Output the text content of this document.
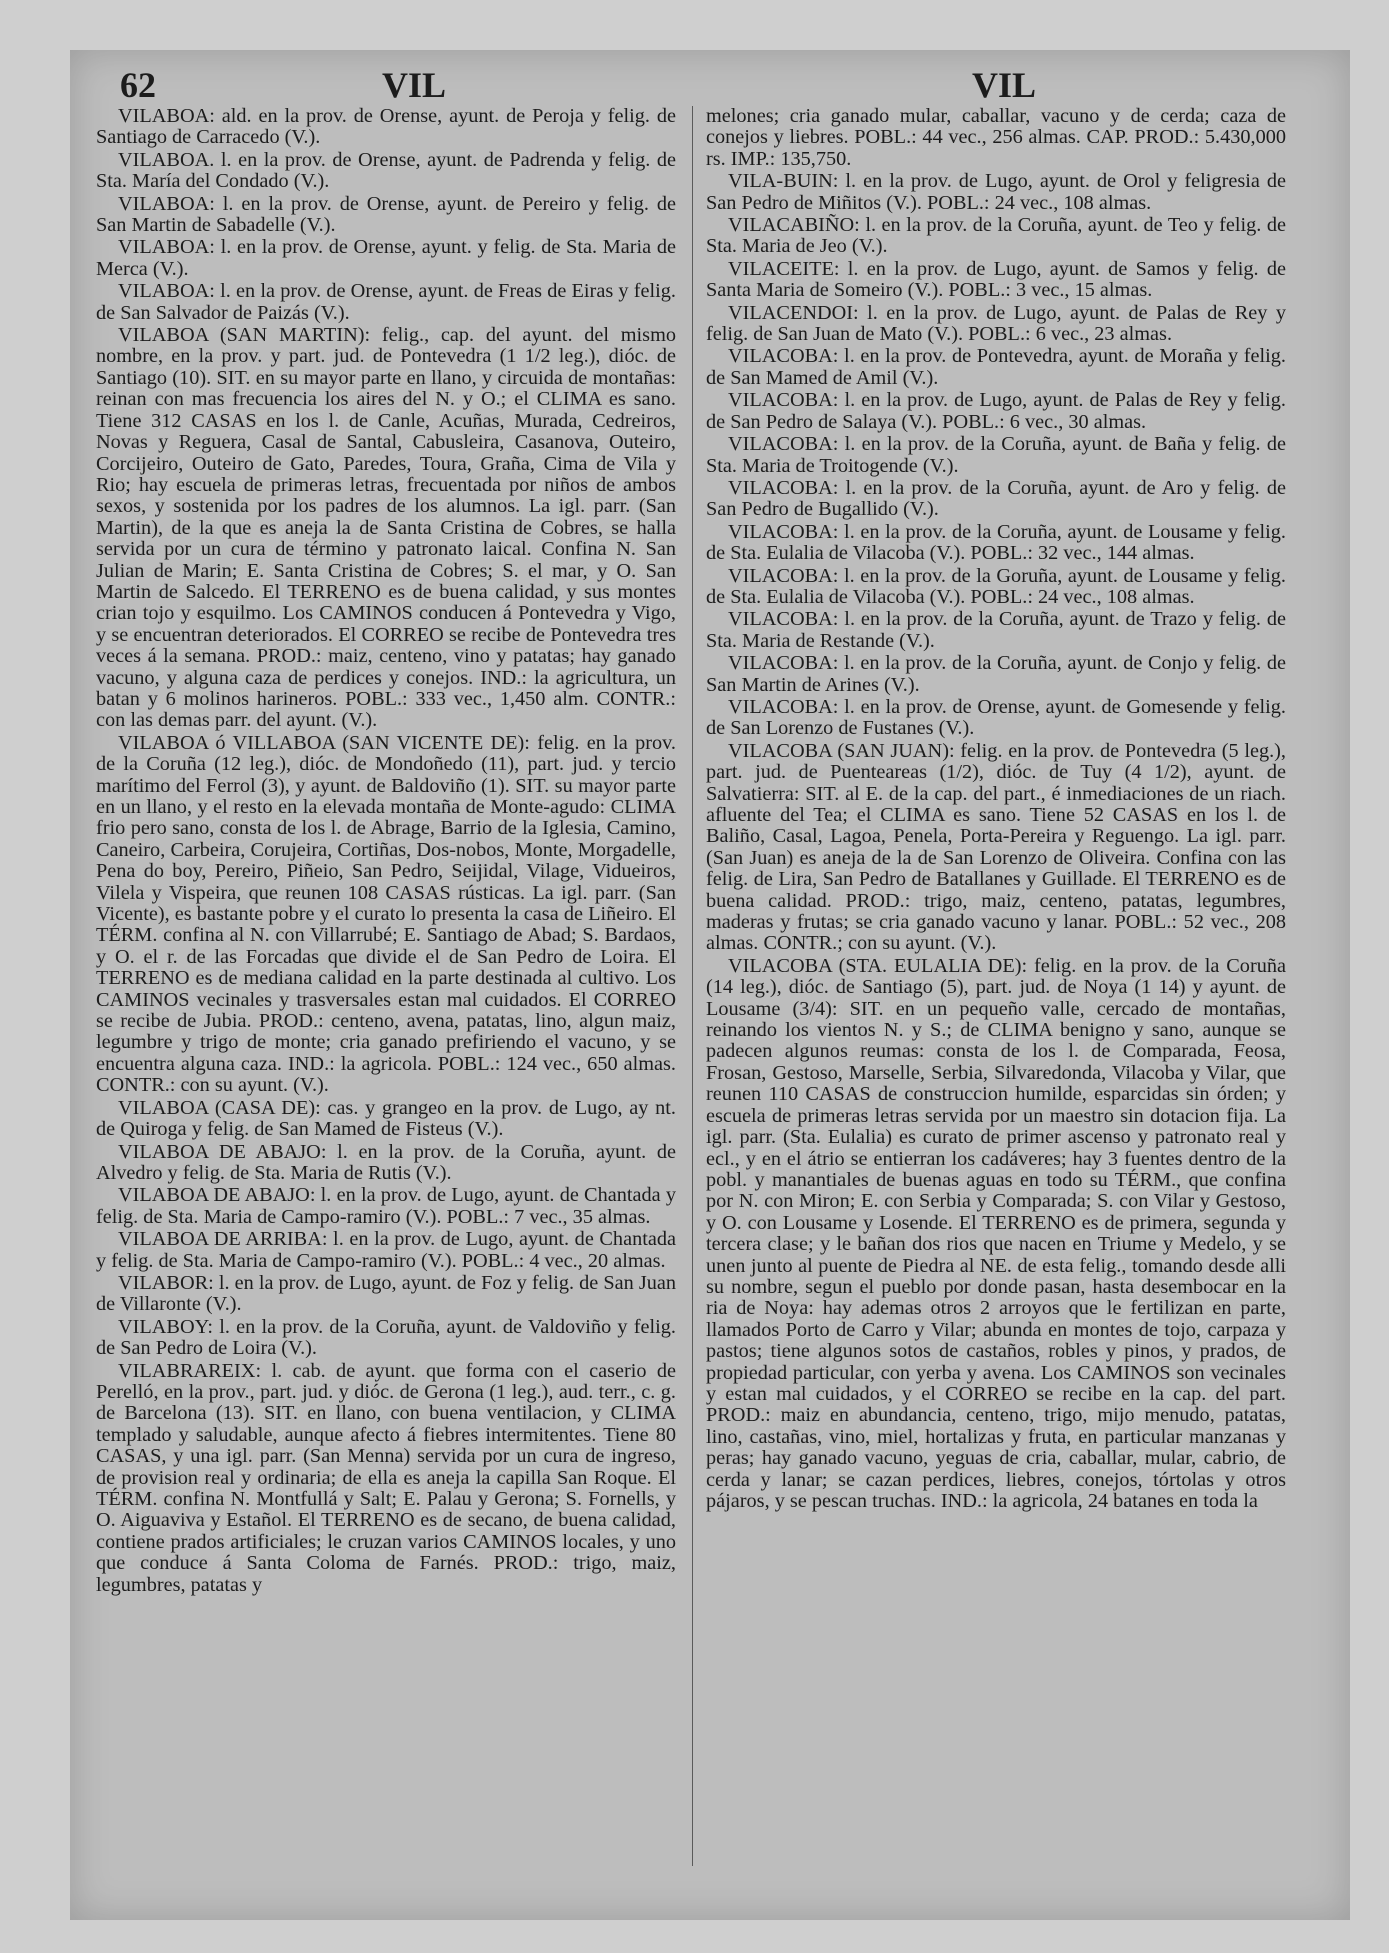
62	VIL	VIL

VILABOA: ald. en la prov. de Orense, ayunt. de Peroja y felig. de Santiago de Carracedo (V.).

VILABOA. l. en la prov. de Orense, ayunt. de Padrenda y felig. de Sta. María del Condado (V.).

VILABOA: l. en la prov. de Orense, ayunt. de Pereiro y felig. de San Martin de Sabadelle (V.).

VILABOA: l. en la prov. de Orense, ayunt. y felig. de Sta. Maria de Merca (V.).

VILABOA: l. en la prov. de Orense, ayunt. de Freas de Eiras y felig. de San Salvador de Paizás (V.).

VILABOA (SAN MARTIN): felig., cap. del ayunt. del mismo nombre, en la prov. y part. jud. de Pontevedra (1 1/2 leg.), dióc. de Santiago (10). SIT. en su mayor parte en llano, y circuida de montañas: reinan con mas frecuencia los aires del N. y O.; el CLIMA es sano. Tiene 312 CASAS en los l. de Canle, Acuñas, Murada, Cedreiros, Novas y Reguera, Casal de Santal, Cabusleira, Casanova, Outeiro, Corcijeiro, Outeiro de Gato, Paredes, Toura, Graña, Cima de Vila y Rio; hay escuela de primeras letras, frecuentada por niños de ambos sexos, y sostenida por los padres de los alumnos. La igl. parr. (San Martin), de la que es aneja la de Santa Cristina de Cobres, se halla servida por un cura de término y patronato laical. Confina N. San Julian de Marin; E. Santa Cristina de Cobres; S. el mar, y O. San Martin de Salcedo. El TERRENO es de buena calidad, y sus montes crian tojo y esquilmo. Los CAMINOS conducen á Pontevedra y Vigo, y se encuentran deteriorados. El CORREO se recibe de Pontevedra tres veces á la semana. PROD.: maiz, centeno, vino y patatas; hay ganado vacuno, y alguna caza de perdices y conejos. IND.: la agricultura, un batan y 6 molinos harineros. POBL.: 333 vec., 1,450 alm. CONTR.: con las demas parr. del ayunt. (V.).

VILABOA ó VILLABOA (SAN VICENTE DE): felig. en la prov. de la Coruña (12 leg.), dióc. de Mondoñedo (11), part. jud. y tercio marítimo del Ferrol (3), y ayunt. de Baldoviño (1). SIT. su mayor parte en un llano, y el resto en la elevada montaña de Monte-agudo: CLIMA frio pero sano, consta de los l. de Abrage, Barrio de la Iglesia, Camino, Caneiro, Carbeira, Corujeira, Cortiñas, Dos-nobos, Monte, Morgadelle, Pena do boy, Pereiro, Piñeio, San Pedro, Seijidal, Vilage, Vidueiros, Vilela y Vispeira, que reunen 108 CASAS rústicas. La igl. parr. (San Vicente), es bastante pobre y el curato lo presenta la casa de Liñeiro. El TÉRM. confina al N. con Villarrubé; E. Santiago de Abad; S. Bardaos, y O. el r. de las Forcadas que divide el de San Pedro de Loira. El TERRENO es de mediana calidad en la parte destinada al cultivo. Los CAMINOS vecinales y trasversales estan mal cuidados. El CORREO se recibe de Jubia. PROD.: centeno, avena, patatas, lino, algun maiz, legumbre y trigo de monte; cria ganado prefiriendo el vacuno, y se encuentra alguna caza. IND.: la agricola. POBL.: 124 vec., 650 almas. CONTR.: con su ayunt. (V.).

VILABOA (CASA DE): cas. y grangeo en la prov. de Lugo, ay nt. de Quiroga y felig. de San Mamed de Fisteus (V.).

VILABOA DE ABAJO: l. en la prov. de la Coruña, ayunt. de Alvedro y felig. de Sta. Maria de Rutis (V.).

VILABOA DE ABAJO: l. en la prov. de Lugo, ayunt. de Chantada y felig. de Sta. Maria de Campo-ramiro (V.). POBL.: 7 vec., 35 almas.

VILABOA DE ARRIBA: l. en la prov. de Lugo, ayunt. de Chantada y felig. de Sta. Maria de Campo-ramiro (V.). POBL.: 4 vec., 20 almas.

VILABOR: l. en la prov. de Lugo, ayunt. de Foz y felig. de San Juan de Villaronte (V.).

VILABOY: l. en la prov. de la Coruña, ayunt. de Valdoviño y felig. de San Pedro de Loira (V.).

VILABRAREIX: l. cab. de ayunt. que forma con el caserio de Perelló, en la prov., part. jud. y dióc. de Gerona (1 leg.), aud. terr., c. g. de Barcelona (13). SIT. en llano, con buena ventilacion, y CLIMA templado y saludable, aunque afecto á fiebres intermitentes. Tiene 80 CASAS, y una igl. parr. (San Menna) servida por un cura de ingreso, de provision real y ordinaria; de ella es aneja la capilla San Roque. El TÉRM. confina N. Montfullá y Salt; E. Palau y Gerona; S. Fornells, y O. Aiguaviva y Estañol. El TERRENO es de secano, de buena calidad, contiene prados artificiales; le cruzan varios CAMINOS locales, y uno que conduce á Santa Coloma de Farnés. PROD.: trigo, maiz, legumbres, patatas y

melones; cria ganado mular, caballar, vacuno y de cerda; caza de conejos y liebres. POBL.: 44 vec., 256 almas. CAP. PROD.: 5.430,000 rs. IMP.: 135,750.

VILA-BUIN: l. en la prov. de Lugo, ayunt. de Orol y feligresia de San Pedro de Miñitos (V.). POBL.: 24 vec., 108 almas.

VILACABIÑO: l. en la prov. de la Coruña, ayunt. de Teo y felig. de Sta. Maria de Jeo (V.).

VILACEITE: l. en la prov. de Lugo, ayunt. de Samos y felig. de Santa Maria de Someiro (V.). POBL.: 3 vec., 15 almas.

VILACENDOI: l. en la prov. de Lugo, ayunt. de Palas de Rey y felig. de San Juan de Mato (V.). POBL.: 6 vec., 23 almas.

VILACOBA: l. en la prov. de Pontevedra, ayunt. de Moraña y felig. de San Mamed de Amil (V.).

VILACOBA: l. en la prov. de Lugo, ayunt. de Palas de Rey y felig. de San Pedro de Salaya (V.). POBL.: 6 vec., 30 almas.

VILACOBA: l. en la prov. de la Coruña, ayunt. de Baña y felig. de Sta. Maria de Troitogende (V.).

VILACOBA: l. en la prov. de la Coruña, ayunt. de Aro y felig. de San Pedro de Bugallido (V.).

VILACOBA: l. en la prov. de la Coruña, ayunt. de Lousame y felig. de Sta. Eulalia de Vilacoba (V.). POBL.: 32 vec., 144 almas.

VILACOBA: l. en la prov. de la Goruña, ayunt. de Lousame y felig. de Sta. Eulalia de Vilacoba (V.). POBL.: 24 vec., 108 almas.

VILACOBA: l. en la prov. de la Coruña, ayunt. de Trazo y felig. de Sta. Maria de Restande (V.).

VILACOBA: l. en la prov. de la Coruña, ayunt. de Conjo y felig. de San Martin de Arines (V.).

VILACOBA: l. en la prov. de Orense, ayunt. de Gomesende y felig. de San Lorenzo de Fustanes (V.).

VILACOBA (SAN JUAN): felig. en la prov. de Pontevedra (5 leg.), part. jud. de Puenteareas (1/2), dióc. de Tuy (4 1/2), ayunt. de Salvatierra: SIT. al E. de la cap. del part., é inmediaciones de un riach. afluente del Tea; el CLIMA es sano. Tiene 52 CASAS en los l. de Baliño, Casal, Lagoa, Penela, Porta-Pereira y Reguengo. La igl. parr. (San Juan) es aneja de la de San Lorenzo de Oliveira. Confina con las felig. de Lira, San Pedro de Batallanes y Guillade. El TERRENO es de buena calidad. PROD.: trigo, maiz, centeno, patatas, legumbres, maderas y frutas; se cria ganado vacuno y lanar. POBL.: 52 vec., 208 almas. CONTR.; con su ayunt. (V.).

VILACOBA (STA. EULALIA DE): felig. en la prov. de la Coruña (14 leg.), dióc. de Santiago (5), part. jud. de Noya (1 14) y ayunt. de Lousame (3/4): SIT. en un pequeño valle, cercado de montañas, reinando los vientos N. y S.; de CLIMA benigno y sano, aunque se padecen algunos reumas: consta de los l. de Comparada, Feosa, Frosan, Gestoso, Marselle, Serbia, Silvaredonda, Vilacoba y Vilar, que reunen 110 CASAS de construccion humilde, esparcidas sin órden; y escuela de primeras letras servida por un maestro sin dotacion fija. La igl. parr. (Sta. Eulalia) es curato de primer ascenso y patronato real y ecl., y en el átrio se entierran los cadáveres; hay 3 fuentes dentro de la pobl. y manantiales de buenas aguas en todo su TÉRM., que confina por N. con Miron; E. con Serbia y Comparada; S. con Vilar y Gestoso, y O. con Lousame y Losende. El TERRENO es de primera, segunda y tercera clase; y le bañan dos rios que nacen en Triume y Medelo, y se unen junto al puente de Piedra al NE. de esta felig., tomando desde alli su nombre, segun el pueblo por donde pasan, hasta desembocar en la ria de Noya: hay ademas otros 2 arroyos que le fertilizan en parte, llamados Porto de Carro y Vilar; abunda en montes de tojo, carpaza y pastos; tiene algunos sotos de castaños, robles y pinos, y prados, de propiedad particular, con yerba y avena. Los CAMINOS son vecinales y estan mal cuidados, y el CORREO se recibe en la cap. del part. PROD.: maiz en abundancia, centeno, trigo, mijo menudo, patatas, lino, castañas, vino, miel, hortalizas y fruta, en particular manzanas y peras; hay ganado vacuno, yeguas de cria, caballar, mular, cabrio, de cerda y lanar; se cazan perdices, liebres, conejos, tórtolas y otros pájaros, y se pescan truchas. IND.: la agricola, 24 batanes en toda la
